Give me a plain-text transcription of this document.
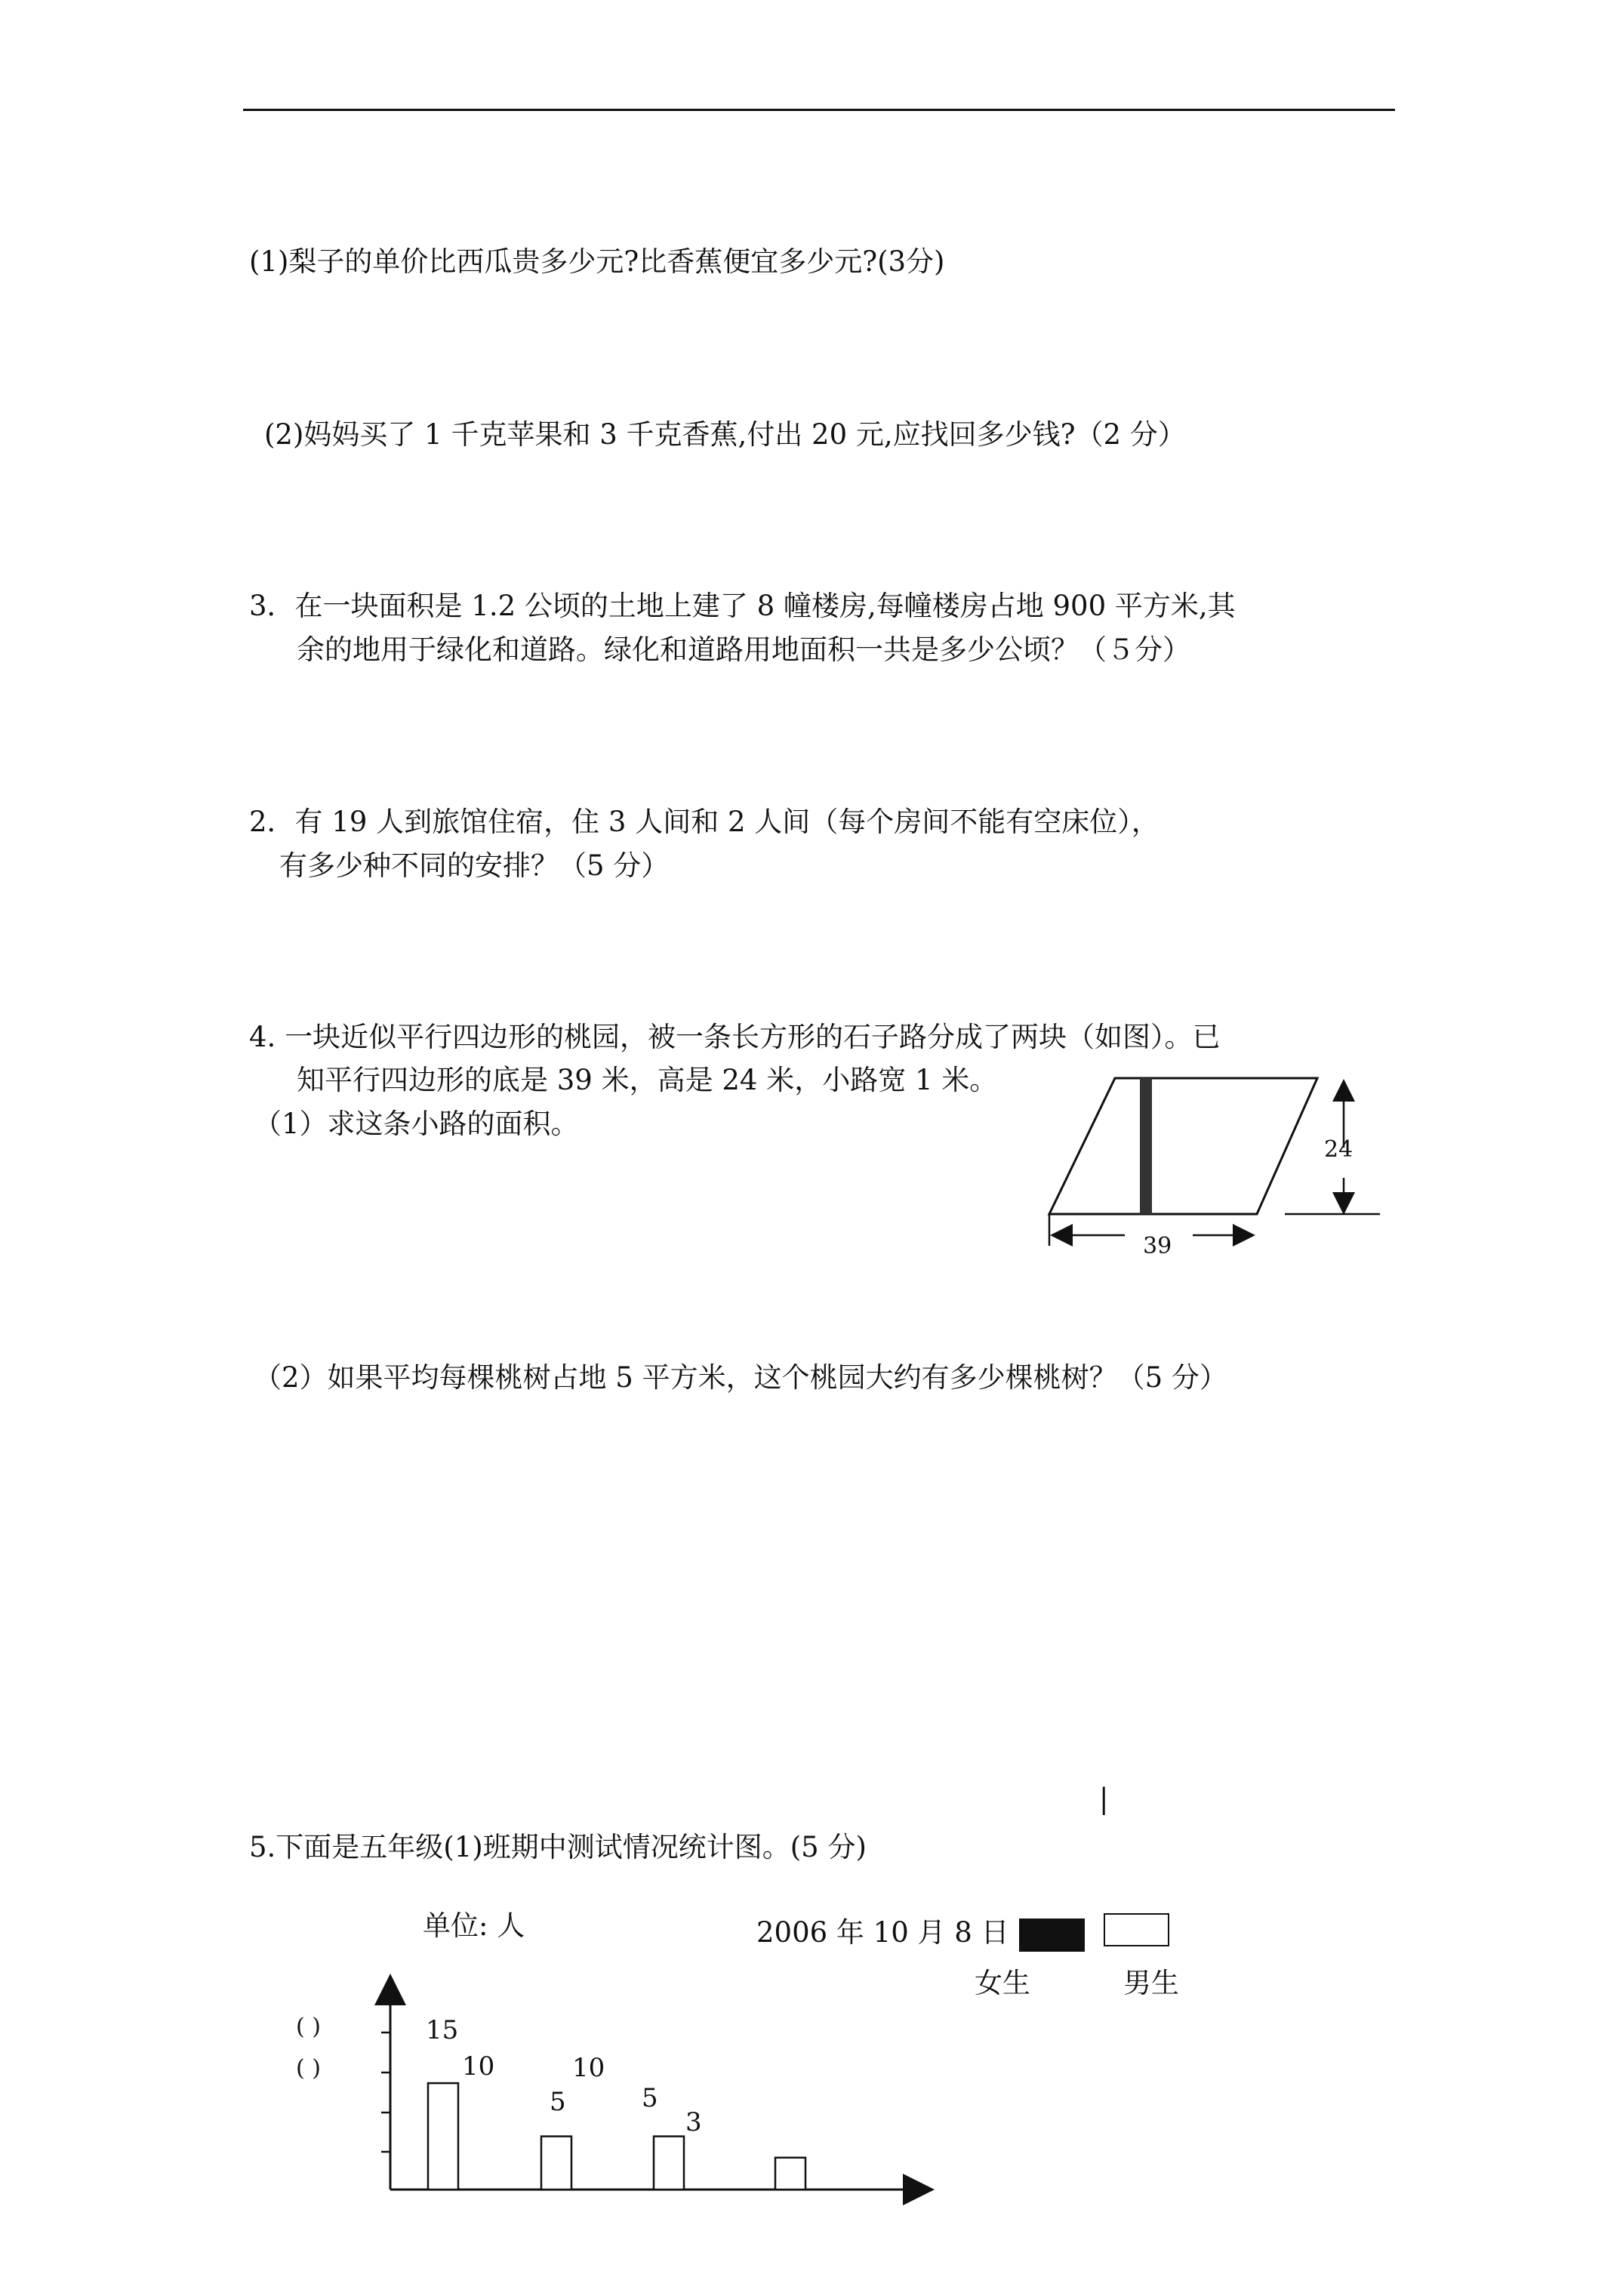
(1)梨子的单价比西瓜贵多少元?比香蕉便宜多少元?(3分)
(2)妈妈买了 1 千克苹果和 3 千克香蕉,付出 20 元,应找回多少钱?（2 分）
3．在一块面积是 1.2 公顷的土地上建了 8 幢楼房,每幢楼房占地 900 平方米,其
余的地用于绿化和道路。绿化和道路用地面积一共是多少公顷？（５分）
2．有 19 人到旅馆住宿，住 3 人间和 2 人间（每个房间不能有空床位），
有多少种不同的安排？（5 分）
4. 一块近似平行四边形的桃园，被一条长方形的石子路分成了两块（如图）。已
知平行四边形的底是 39 米，高是 24 米，小路宽 1 米。
（1）求这条小路的面积。
（2）如果平均每棵桃树占地 5 平方米，这个桃园大约有多少棵桃树？（5 分）
24
39
|
5.下面是五年级(1)班期中测试情况统计图。(5 分)
单位: 人	2006 年 10 月 8 日
女生	男生
( )
( )
15
10
5
10
5
3
